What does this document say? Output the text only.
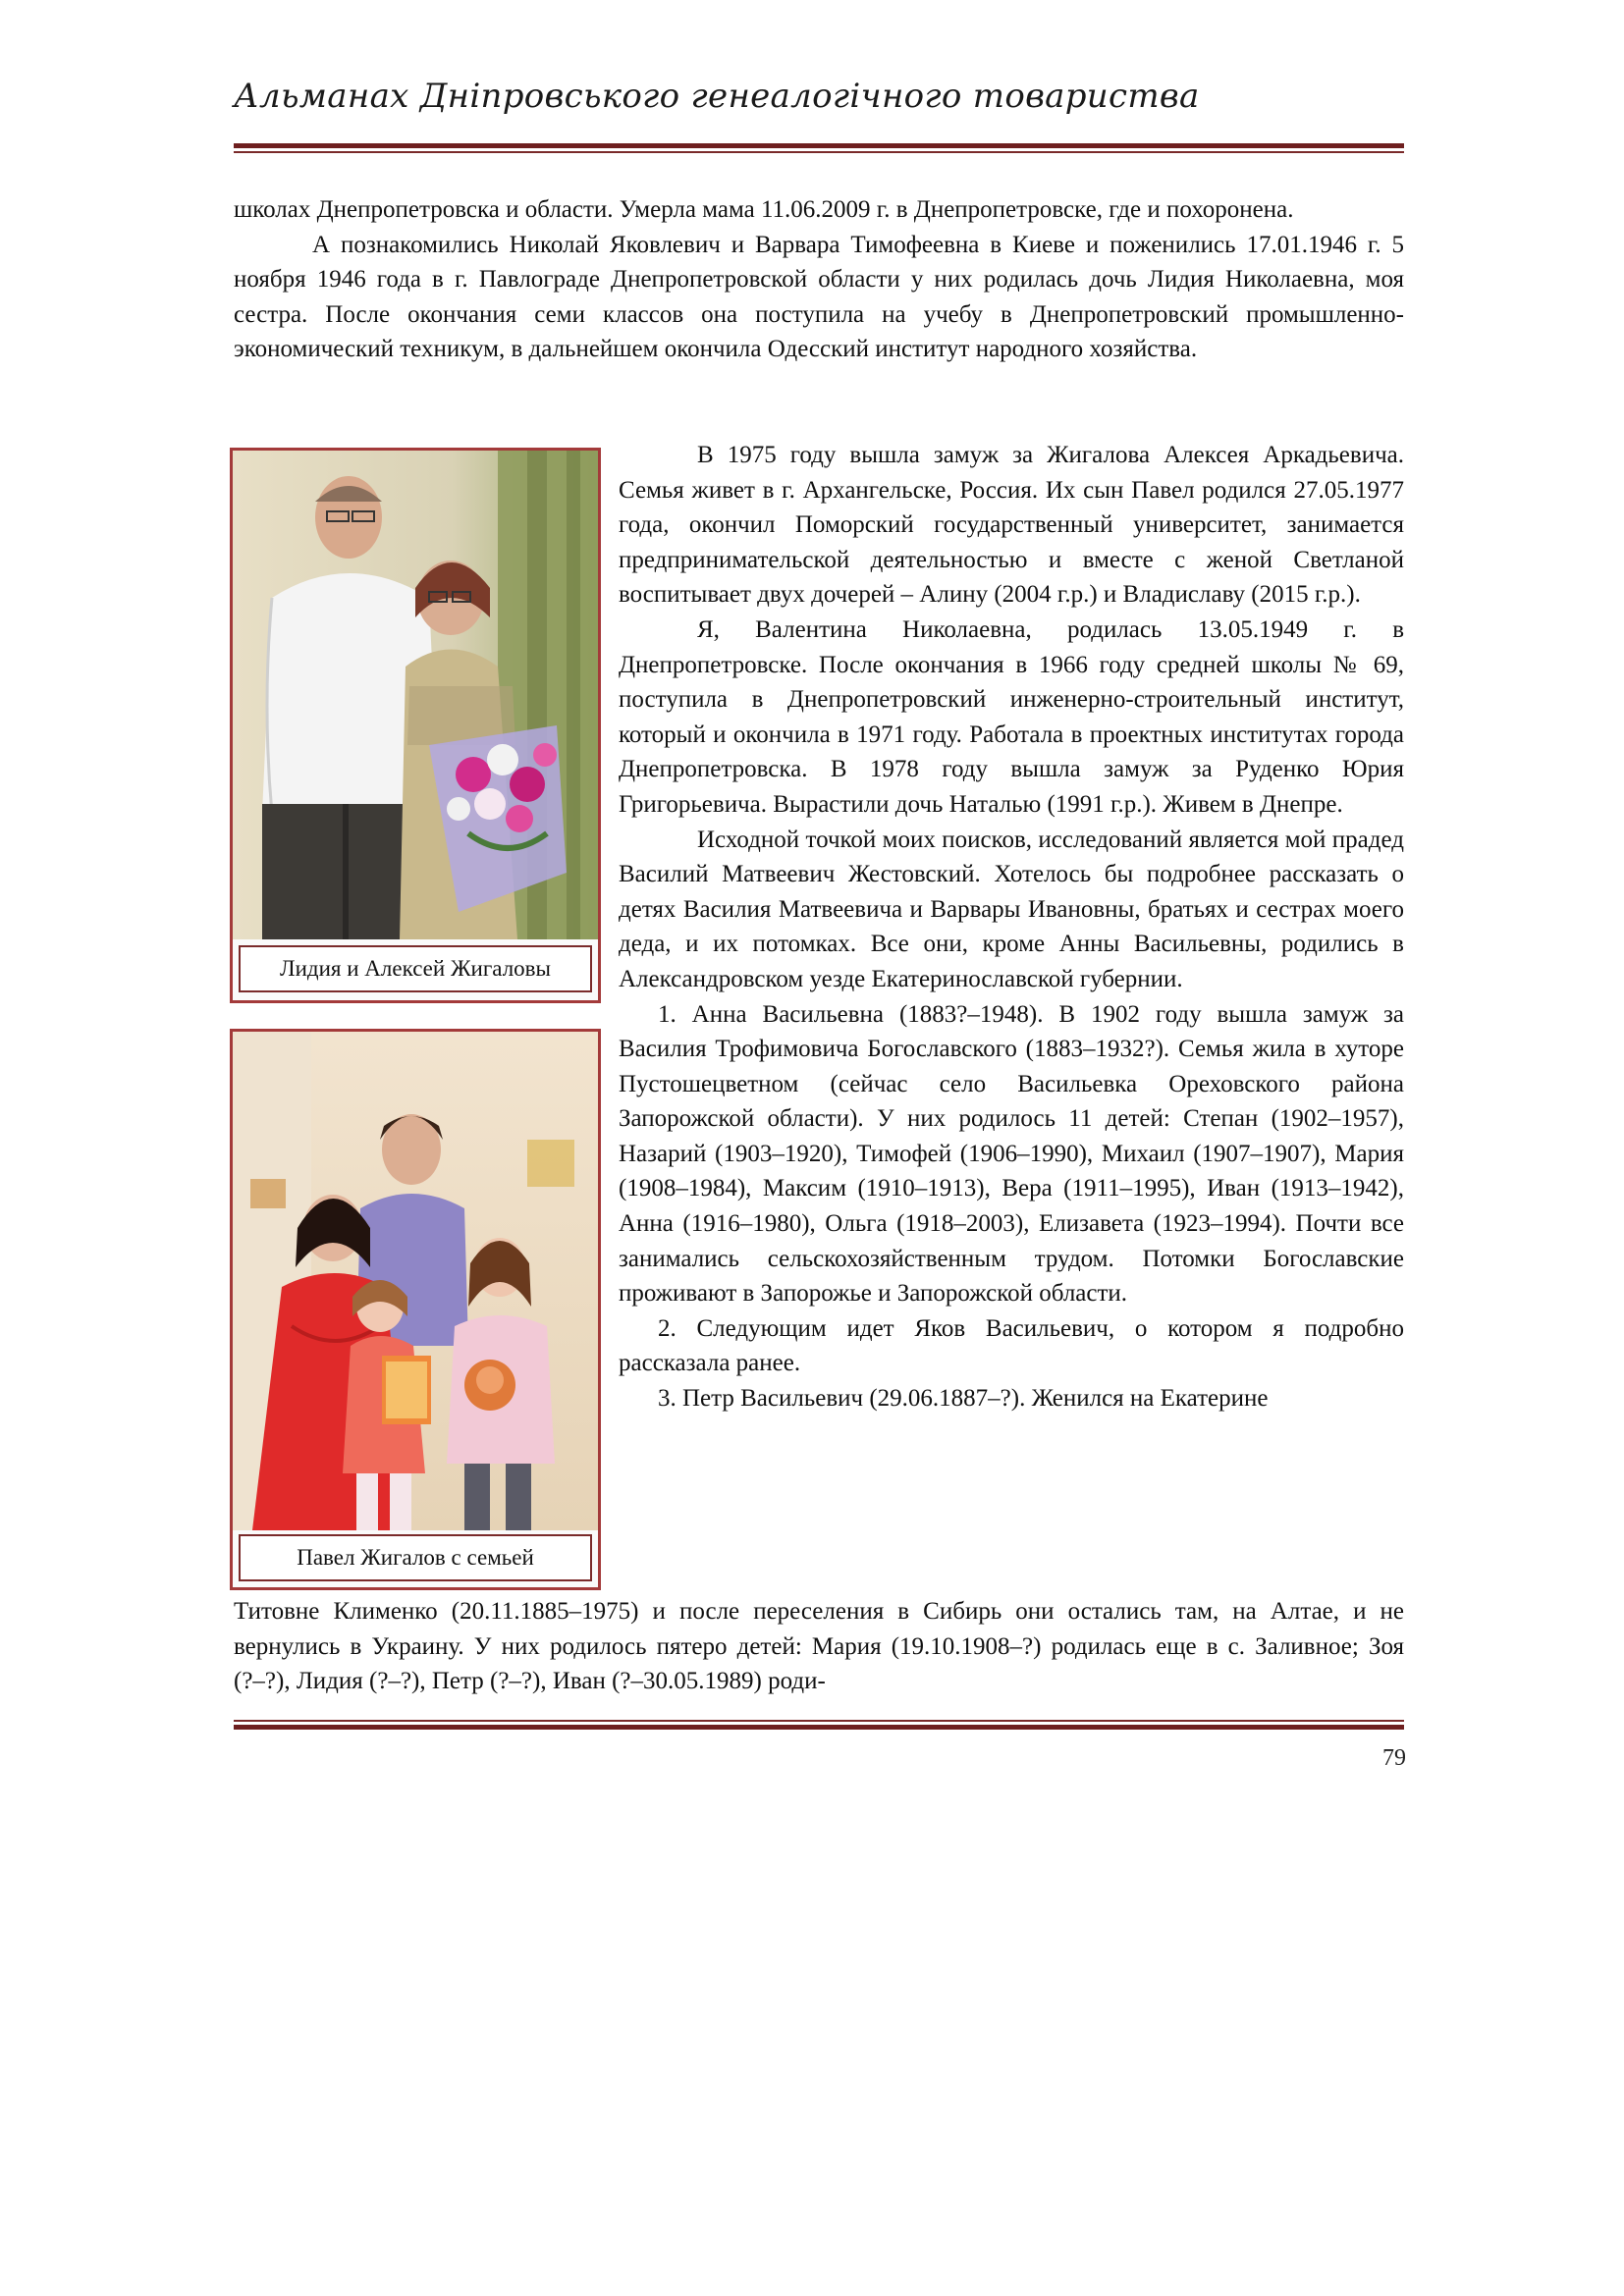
Альманах Дніпровського генеалогічного товариства

школах Днепропетровска и области. Умерла мама 11.06.2009 г. в Днепропетровске, где и похоронена.

А познакомились Николай Яковлевич и Варвара Тимофеевна в Киеве и поженились 17.01.1946 г. 5 ноября 1946 года в г. Павлограде Днепропетровской области у них родилась дочь Лидия Николаевна, моя сестра. После окончания семи классов она поступила на учебу в Днепропетровский промышленно-экономический техникум, в дальнейшем окончила Одесский институт народного хозяйства.

Лидия и Алексей Жигаловы
Павел Жигалов с семьей

В 1975 году вышла замуж за Жигалова Алексея Аркадьевича. Семья живет в г. Архангельске, Россия. Их сын Павел родился 27.05.1977 года, окончил Поморский государственный университет, занимается предпринимательской деятельностью и вместе с женой Светланой воспитывает двух дочерей – Алину (2004 г.р.) и Владиславу (2015 г.р.).

Я, Валентина Николаевна, родилась 13.05.1949 г. в Днепропетровске. После окончания в 1966 году средней школы № 69, поступила в Днепропетровский инженерно-строительный институт, который и окончила в 1971 году. Работала в проектных институтах города Днепропетровска. В 1978 году вышла замуж за Руденко Юрия Григорьевича. Вырастили дочь Наталью (1991 г.р.). Живем в Днепре.

Исходной точкой моих поисков, исследований является мой прадед Василий Матвеевич Жестовский. Хотелось бы подробнее рассказать о детях Василия Матвеевича и Варвары Ивановны, братьях и сестрах моего деда, и их потомках. Все они, кроме Анны Васильевны, родились в Александровском уезде Екатеринославской губернии.

1. Анна Васильевна (1883?–1948). В 1902 году вышла замуж за Василия Трофимовича Богославского (1883–1932?). Семья жила в хуторе Пустошецветном (сейчас село Васильевка Ореховского района Запорожской области). У них родилось 11 детей: Степан (1902–1957), Назарий (1903–1920), Тимофей (1906–1990), Михаил (1907–1907), Мария (1908–1984), Максим (1910–1913), Вера (1911–1995), Иван (1913–1942), Анна (1916–1980), Ольга (1918–2003), Елизавета (1923–1994). Почти все занимались сельскохозяйственным трудом. Потомки Богославские проживают в Запорожье и Запорожской области.

2. Следующим идет Яков Васильевич, о котором я подробно рассказала ранее.

3. Петр Васильевич (29.06.1887–?). Женился на Екатерине

Титовне Клименко (20.11.1885–1975) и после переселения в Сибирь они остались там, на Алтае, и не вернулись в Украину. У них родилось пятеро детей: Мария (19.10.1908–?) родилась еще в с. Заливное; Зоя (?–?), Лидия (?–?), Петр (?–?), Иван (?–30.05.1989) роди-

79
